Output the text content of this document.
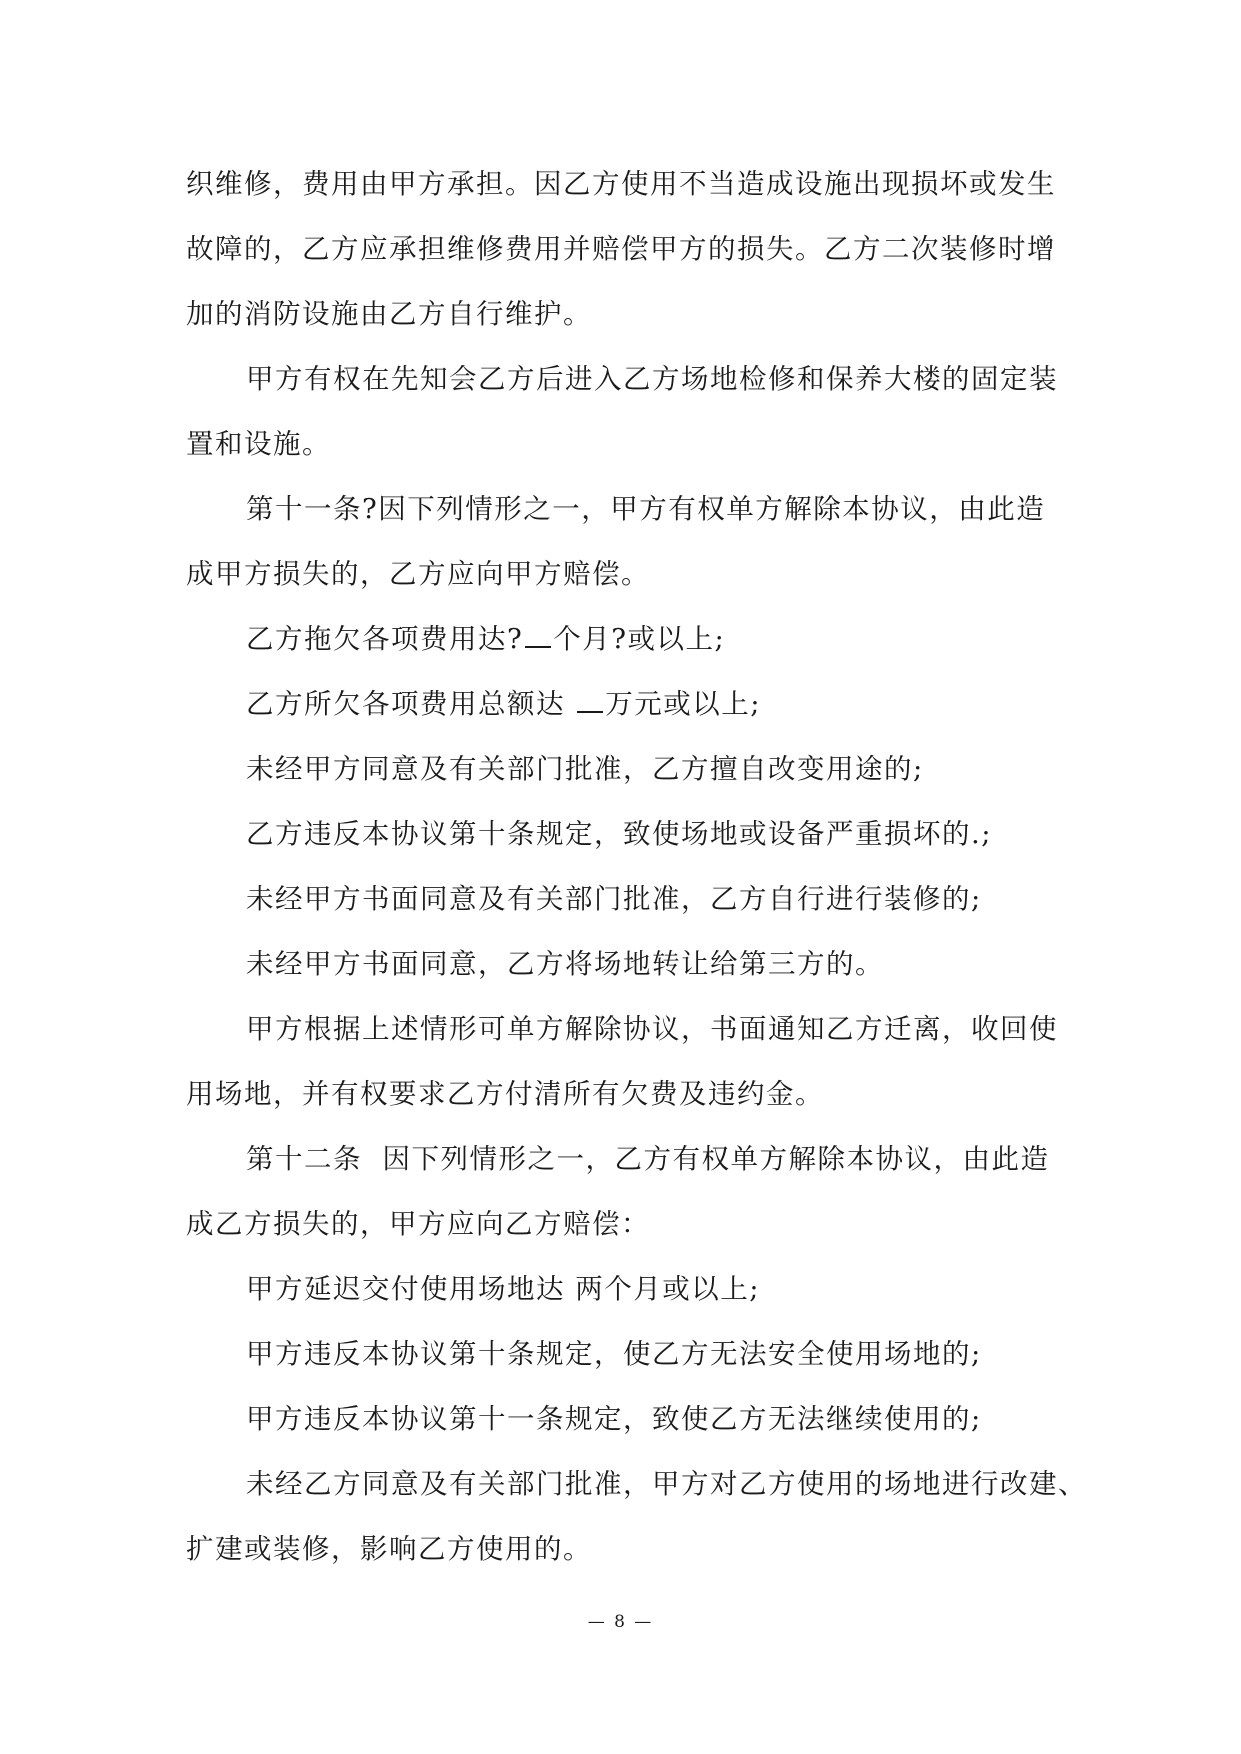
织维修，费用由甲方承担。因乙方使用不当造成设施出现损坏或发生
故障的，乙方应承担维修费用并赔偿甲方的损失。乙方二次装修时增
加的消防设施由乙方自行维护。
甲方有权在先知会乙方后进入乙方场地检修和保养大楼的固定装
置和设施。
第十一条?因下列情形之一，甲方有权单方解除本协议，由此造
成甲方损失的，乙方应向甲方赔偿。
乙方拖欠各项费用达? 个月?或以上;
乙方所欠各项费用总额达 万元或以上;
未经甲方同意及有关部门批准，乙方擅自改变用途的;
乙方违反本协议第十条规定，致使场地或设备严重损坏的.;
未经甲方书面同意及有关部门批准，乙方自行进行装修的;
未经甲方书面同意，乙方将场地转让给第三方的。
甲方根据上述情形可单方解除协议，书面通知乙方迁离，收回使
用场地，并有权要求乙方付清所有欠费及违约金。
第十二条  因下列情形之一，乙方有权单方解除本协议，由此造
成乙方损失的，甲方应向乙方赔偿：
甲方延迟交付使用场地达 两个月或以上;
甲方违反本协议第十条规定，使乙方无法安全使用场地的;
甲方违反本协议第十一条规定，致使乙方无法继续使用的;
未经乙方同意及有关部门批准，甲方对乙方使用的场地进行改建、
扩建或装修，影响乙方使用的。
— 8 —
